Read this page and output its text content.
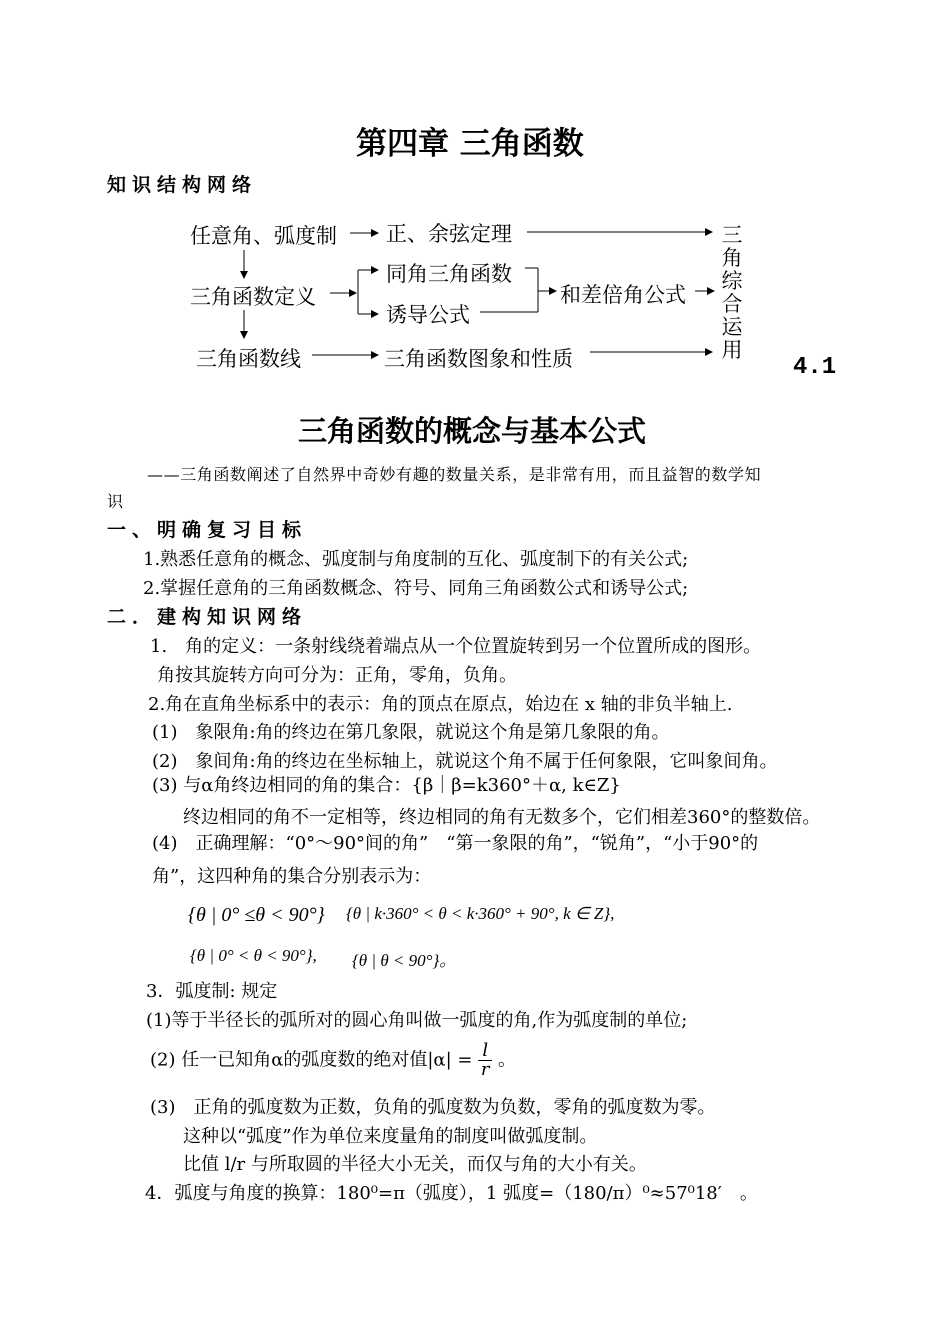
第四章 三角函数
知识结构网络
任意角、弧度制
三角函数定义
三角函数线
正、余弦定理
同角三角函数
诱导公式
三角函数图象和性质
和差倍角公式
三角综合运用
4.1
三角函数的概念与基本公式
——三角函数阐述了自然界中奇妙有趣的数量关系，是非常有用，而且益智的数学知
识
一、明确复习目标
1.熟悉任意角的概念、弧度制与角度制的互化、弧度制下的有关公式;
2.掌握任意角的三角函数概念、符号、同角三角函数公式和诱导公式;
二．建构知识网络
1.　角的定义：一条射线绕着端点从一个位置旋转到另一个位置所成的图形。
角按其旋转方向可分为：正角，零角，负角。
2.角在直角坐标系中的表示：角的顶点在原点，始边在 x 轴的非负半轴上.
(1)　象限角:角的终边在第几象限，就说这个角是第几象限的角。
(2)　象间角:角的终边在坐标轴上，就说这个角不属于任何象限，它叫象间角。
(3) 与α角终边相同的角的集合：{β｜β=k360°＋α, k∈Z}
终边相同的角不一定相等，终边相同的角有无数多个，它们相差360°的整数倍。
(4)　正确理解：“0°～90°间的角”　“第一象限的角”，“锐角”，“小于90°的
角”，这四种角的集合分别表示为：
{θ | 0° ≤θ < 90°} {θ | k·360° < θ < k·360° + 90°, k ∈ Z},
{θ | 0° < θ < 90°}, {θ | θ < 90°}。
3．弧度制: 规定
(1)等于半径长的弧所对的圆心角叫做一弧度的角,作为弧度制的单位;
(2) 任一已知角α的弧度数的绝对值$|\alpha| = \frac{l}{r}$ 。
(3)　正角的弧度数为正数，负角的弧度数为负数，零角的弧度数为零。
这种以“弧度”作为单位来度量角的制度叫做弧度制。
比值 l/r 与所取圆的半径大小无关，而仅与角的大小有关。
4．弧度与角度的换算：180⁰=π（弧度），1 弧度=（180/π）⁰≈57⁰18′　。
